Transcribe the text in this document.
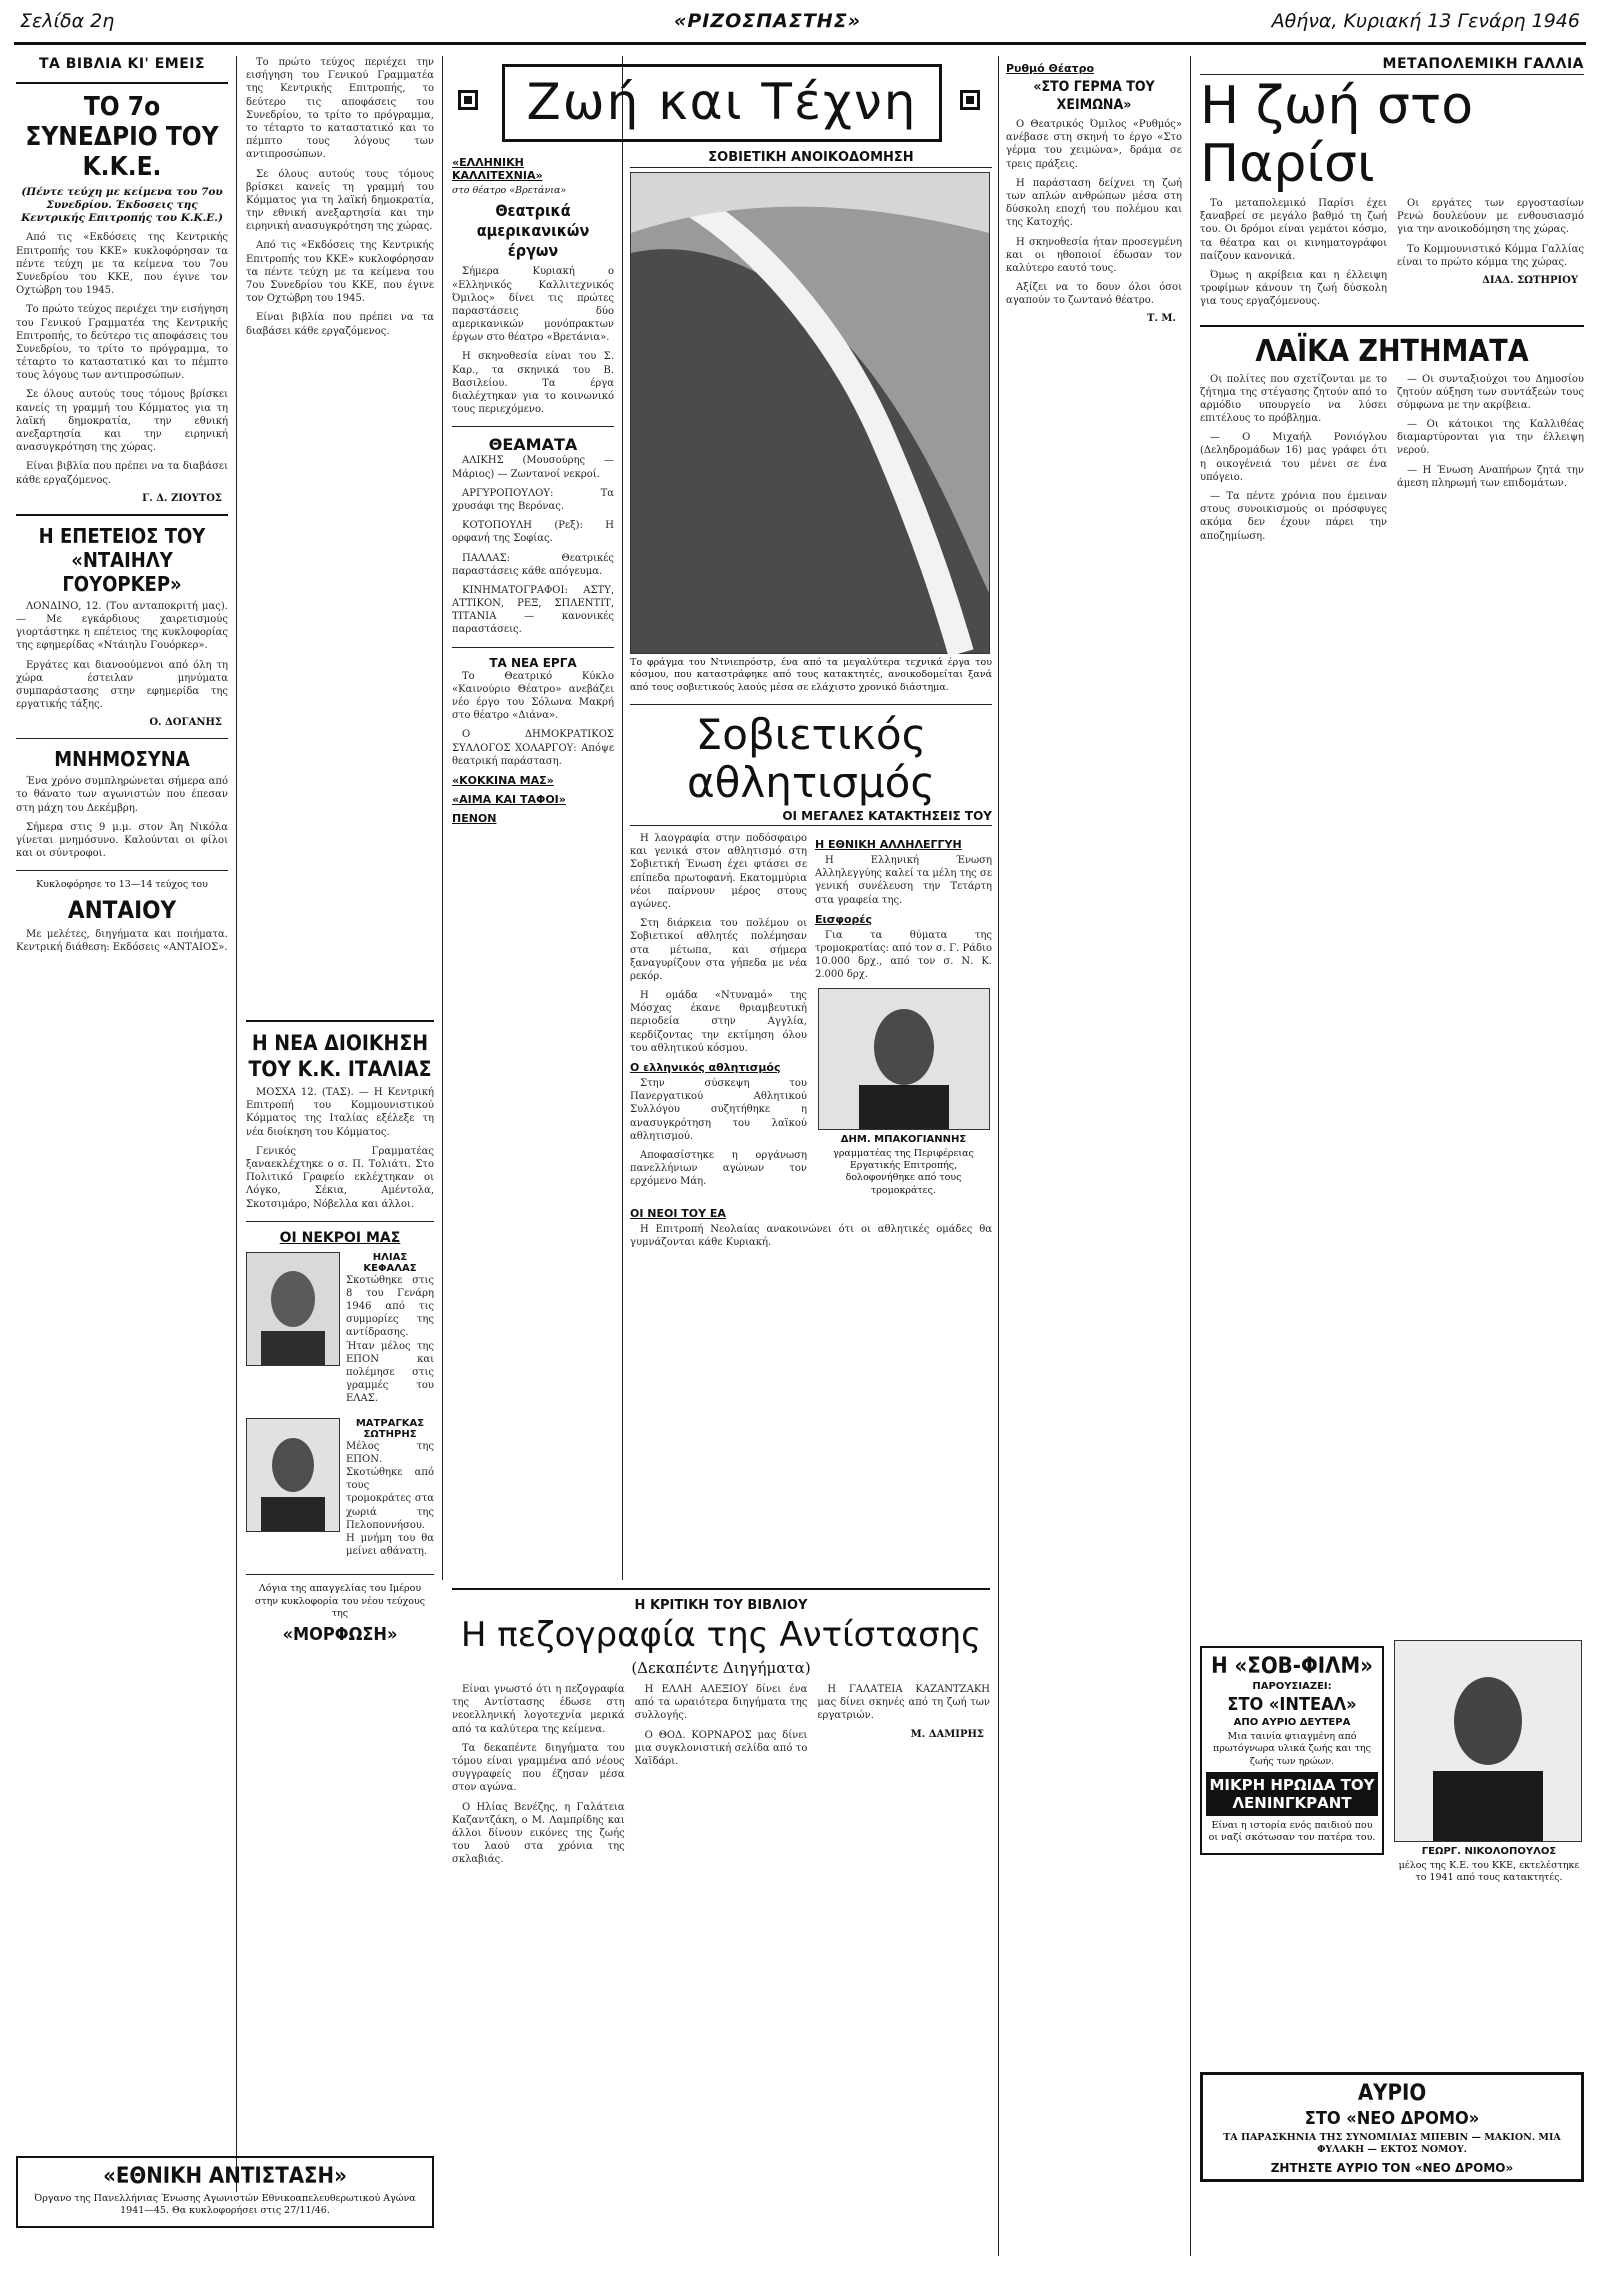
Σελίδα 2η	«ΡΙΖΟΣΠΑΣΤΗΣ»	Αθήνα, Κυριακή 13 Γενάρη 1946
ΤΑ ΒΙΒΛΙΑ ΚΙ' ΕΜΕΙΣ
ΤΟ 7ο ΣΥΝΕΔΡΙΟ ΤΟΥ Κ.Κ.Ε.
(Πέντε τεύχη με κείμενα του 7ου Συνεδρίου. Έκδοσεις της Κεντρικής Επιτροπής του Κ.Κ.Ε.)

Από τις «Εκδόσεις της Κεντρικής Επιτροπής του ΚΚΕ» κυκλοφόρησαν τα πέντε τεύχη με τα κείμενα του 7ου Συνεδρίου του ΚΚΕ, που έγινε τον Οχτώβρη του 1945.

Το πρώτο τεύχος περιέχει την εισήγηση του Γενικού Γραμματέα της Κεντρικής Επιτροπής, το δεύτερο τις αποφάσεις του Συνεδρίου, το τρίτο το πρόγραμμα, το τέταρτο το καταστατικό και το πέμπτο τους λόγους των αντιπροσώπων.

Σε όλους αυτούς τους τόμους βρίσκει κανείς τη γραμμή του Κόμματος για τη λαϊκή δημοκρατία, την εθνική ανεξαρτησία και την ειρηνική ανασυγκρότηση της χώρας.

Είναι βιβλία που πρέπει να τα διαβάσει κάθε εργαζόμενος.

Γ. Δ. ΖΙΟΥΤΟΣ
Η ΕΠΕΤΕΙΟΣ ΤΟΥ «ΝΤΑΙΗΛΥ ΓΟΥΟΡΚΕΡ»

ΛΟΝΔΙΝΟ, 12. (Του ανταποκριτή μας). — Με εγκάρδιους χαιρετισμούς γιορτάστηκε η επέτειος της κυκλοφορίας της εφημερίδας «Ντάιηλυ Γουόρκερ».

Εργάτες και διανοούμενοι από όλη τη χώρα έστειλαν μηνύματα συμπαράστασης στην εφημερίδα της εργατικής τάξης.

Ο. ΔΟΓΑΝΗΣ
ΜΝΗΜΟΣΥΝΑ

Ένα χρόνο συμπληρώνεται σήμερα από το θάνατο των αγωνιστών που έπεσαν στη μάχη του Δεκέμβρη.

Σήμερα στις 9 μ.μ. στον Άη Νικόλα γίνεται μνημόσυνο. Καλούνται οι φίλοι και οι σύντροφοι.

Κυκλοφόρησε το 13—14 τεύχος του
ΑΝΤΑΙΟΥ

Με μελέτες, διηγήματα και ποιήματα. Κεντρική διάθεση: Εκδόσεις «ΑΝΤΑΙΟΣ».

Το πρώτο τεύχος περιέχει την εισήγηση του Γενικού Γραμματέα της Κεντρικής Επιτροπής, το δεύτερο τις αποφάσεις του Συνεδρίου, το τρίτο το πρόγραμμα, το τέταρτο το καταστατικό και το πέμπτο τους λόγους των αντιπροσώπων.

Σε όλους αυτούς τους τόμους βρίσκει κανείς τη γραμμή του Κόμματος για τη λαϊκή δημοκρατία, την εθνική ανεξαρτησία και την ειρηνική ανασυγκρότηση της χώρας.

Από τις «Εκδόσεις της Κεντρικής Επιτροπής του ΚΚΕ» κυκλοφόρησαν τα πέντε τεύχη με τα κείμενα του 7ου Συνεδρίου του ΚΚΕ, που έγινε τον Οχτώβρη του 1945.

Είναι βιβλία που πρέπει να τα διαβάσει κάθε εργαζόμενος.

Η ΝΕΑ ΔΙΟΙΚΗΣΗ ΤΟΥ Κ.Κ. ΙΤΑΛΙΑΣ

ΜΟΣΧΑ 12. (ΤΑΣ). — Η Κεντρική Επιτροπή του Κομμουνιστικού Κόμματος της Ιταλίας εξέλεξε τη νέα διοίκηση του Κόμματος.

Γενικός Γραμματέας ξαναεκλέχτηκε ο σ. Π. Τολιάτι. Στο Πολιτικό Γραφείο εκλέχτηκαν οι Λόγκο, Σέκια, Αμέντολα, Σκοτσιμάρο, Νόβελλα και άλλοι.

ΟΙ ΝΕΚΡΟΙ ΜΑΣ
ΗΛΙΑΣ ΚΕΦΑΛΑΣ

Σκοτώθηκε στις 8 του Γενάρη 1946 από τις συμμορίες της αντίδρασης. Ήταν μέλος της ΕΠΟΝ και πολέμησε στις γραμμές του ΕΛΑΣ.

ΜΑΤΡΑΓΚΑΣ ΣΩΤΗΡΗΣ

Μέλος της ΕΠΟΝ. Σκοτώθηκε από τους τρομοκράτες στα χωριά της Πελοποννήσου. Η μνήμη του θα μείνει αθάνατη.

Λόγια της απαγγελίας του Ιμέρου στην κυκλοφορία του νέου τεύχους της
«ΜΟΡΦΩΣΗ»
«ΕΘΝΙΚΗ ΑΝΤΙΣΤΑΣΗ»
Όργανο της Πανελλήνιας Ένωσης Αγωνιστών Εθνικοαπελευθερωτικού Αγώνα 1941—45. Θα κυκλοφορήσει στις 27/11/46.
Ζωή και Τέχνη
«ΕΛΛΗΝΙΚΗ ΚΑΛΛΙΤΕΧΝΙΑ»
στο θέατρο «Βρετάνια»
Θεατρικά αμερικανικών έργων

Σήμερα Κυριακή ο «Ελληνικός Καλλιτεχνικός Όμιλος» δίνει τις πρώτες παραστάσεις δύο αμερικανικών μονόπρακτων έργων στο θέατρο «Βρετάνια».

Η σκηνοθεσία είναι του Σ. Καρ., τα σκηνικά του Β. Βασιλείου. Τα έργα διαλέχτηκαν για το κοινωνικό τους περιεχόμενο.

ΘΕΑΜΑΤΑ

ΑΛΙΚΗΣ (Μουσούρης — Μάριος) — Ζωντανοί νεκροί.

ΑΡΓΥΡΟΠΟΥΛΟΥ: Τα χρυσάφι της Βερόνας.

ΚΟΤΟΠΟΥΛΗ (Ρεξ): Η ορφανή της Σοφίας.

ΠΑΛΛΑΣ: Θεατρικές παραστάσεις κάθε απόγευμα.

ΚΙΝΗΜΑΤΟΓΡΑΦΟΙ: ΑΣΤΥ, ΑΤΤΙΚΟΝ, ΡΕΞ, ΣΠΛΕΝΤΙΤ, ΤΙΤΑΝΙΑ — κανονικές παραστάσεις.

ΤΑ ΝΕΑ ΕΡΓΑ

Το Θεατρικό Κύκλο «Καινούριο Θέατρο» ανεβάζει νέο έργο του Σόλωνα Μακρή στο θέατρο «Διάνα».

Ο ΔΗΜΟΚΡΑΤΙΚΟΣ ΣΥΛΛΟΓΟΣ ΧΟΛΑΡΓΟΥ: Απόψε θεατρική παράσταση.

«ΚΟΚΚΙΝΑ ΜΑΣ»
«ΑΙΜΑ ΚΑΙ ΤΑΦΟΙ»
ΠΕΝΟΝ
ΣΟΒΙΕΤΙΚΗ ΑΝΟΙΚΟΔΟΜΗΣΗ
Το φράγμα του Ντνιεπρόστρ, ένα από τα μεγαλύτερα τεχνικά έργα του κόσμου, που καταστράφηκε από τους κατακτητές, ανοικοδομείται ξανά από τους σοβιετικούς λαούς μέσα σε ελάχιστο χρονικό διάστημα.
Σοβιετικός
αθλητισμός
ΟΙ ΜΕΓΑΛΕΣ ΚΑΤΑΚΤΗΣΕΙΣ ΤΟΥ

Η λαογραφία στην ποδόσφαιρο και γενικά στον αθλητισμό στη Σοβιετική Ένωση έχει φτάσει σε επίπεδα πρωτοφανή. Εκατομμύρια νέοι παίρνουν μέρος στους αγώνες.

Στη διάρκεια του πολέμου οι Σοβιετικοί αθλητές πολέμησαν στα μέτωπα, και σήμερα ξαναγυρίζουν στα γήπεδα με νέα ρεκόρ.

Η ομάδα «Ντυναμό» της Μόσχας έκανε θριαμβευτική περιοδεία στην Αγγλία, κερδίζοντας την εκτίμηση όλου του αθλητικού κόσμου.

Ο ελληνικός αθλητισμός

Στην σύσκεψη του Πανεργατικού Αθλητικού Συλλόγου συζητήθηκε η ανασυγκρότηση του λαϊκού αθλητισμού.

Αποφασίστηκε η οργάνωση πανελλήνιων αγώνων τον ερχόμενο Μάη.

Η ΕΘΝΙΚΗ ΑΛΛΗΛΕΓΓΥΗ

Η Ελληνική Ένωση Αλληλεγγύης καλεί τα μέλη της σε γενική συνέλευση την Τετάρτη στα γραφεία της.

Εισφορές

Για τα θύματα της τρομοκρατίας: από τον σ. Γ. Ράδιο 10.000 δρχ., από τον σ. Ν. Κ. 2.000 δρχ.

ΔΗΜ. ΜΠΑΚΟΓΙΑΝΝΗΣ
γραμματέας της Περιφέρειας Εργατικής Επιτροπής, δολοφονήθηκε από τους τρομοκράτες.
ΟΙ ΝΕΟΙ ΤΟΥ ΕΑ

Η Επιτροπή Νεολαίας ανακοινώνει ότι οι αθλητικές ομάδες θα γυμνάζονται κάθε Κυριακή.

Η ΚΡΙΤΙΚΗ ΤΟΥ ΒΙΒΛΙΟΥ
Η πεζογραφία της Αντίστασης
(Δεκαπέντε Διηγήματα)

Είναι γνωστό ότι η πεζογραφία της Αντίστασης έδωσε στη νεοελληνική λογοτεχνία μερικά από τα καλύτερα της κείμενα.

Τα δεκαπέντε διηγήματα του τόμου είναι γραμμένα από νέους συγγραφείς που έζησαν μέσα στον αγώνα.

Ο Ηλίας Βενέζης, η Γαλάτεια Καζαντζάκη, ο Μ. Λαμπρίδης και άλλοι δίνουν εικόνες της ζωής του λαού στα χρόνια της σκλαβιάς.

Η ΕΛΛΗ ΑΛΕΞΙΟΥ δίνει ένα από τα ωραιότερα διηγήματα της συλλογής.

Ο ΘΟΔ. ΚΟΡΝΑΡΟΣ μας δίνει μια συγκλονιστική σελίδα από το Χαϊδάρι.

Η ΓΑΛΑΤΕΙΑ ΚΑΖΑΝΤΖΑΚΗ μας δίνει σκηνές από τη ζωή των εργατριών.

Μ. ΔΑΜΙΡΗΣ
Ρυθμό Θέατρο
«ΣΤΟ ΓΕΡΜΑ ΤΟΥ ΧΕΙΜΩΝΑ»

Ο Θεατρικός Όμιλος «Ρυθμός» ανέβασε στη σκηνή το έργο «Στο γέρμα του χειμώνα», δράμα σε τρεις πράξεις.

Η παράσταση δείχνει τη ζωή των απλών ανθρώπων μέσα στη δύσκολη εποχή του πολέμου και της Κατοχής.

Η σκηνοθεσία ήταν προσεγμένη και οι ηθοποιοί έδωσαν τον καλύτερο εαυτό τους.

Αξίζει να το δουν όλοι όσοι αγαπούν το ζωντανό θέατρο.

Τ. Μ.
ΜΕΤΑΠΟΛΕΜΙΚΗ ΓΑΛΛΙΑ
Η ζωή στο Παρίσι

Το μεταπολεμικό Παρίσι έχει ξαναβρεί σε μεγάλο βαθμό τη ζωή του. Οι δρόμοι είναι γεμάτοι κόσμο, τα θέατρα και οι κινηματογράφοι παίζουν κανονικά.

Όμως η ακρίβεια και η έλλειψη τροφίμων κάνουν τη ζωή δύσκολη για τους εργαζόμενους.

Οι εργάτες των εργοστασίων Ρενώ δουλεύουν με ενθουσιασμό για την ανοικοδόμηση της χώρας.

Το Κομμουνιστικό Κόμμα Γαλλίας είναι το πρώτο κόμμα της χώρας.

ΔΙΑΔ. ΣΩΤΗΡΙΟΥ
ΛΑΪΚΑ ΖΗΤΗΜΑΤΑ

Οι πολίτες που σχετίζονται με το ζήτημα της στέγασης ζητούν από το αρμόδιο υπουργείο να λύσει επιτέλους το πρόβλημα.

— Ο Μιχαήλ Ρονιόγλου (Δεληδρομάδων 16) μας γράφει ότι η οικογένειά του μένει σε ένα υπόγειο.

— Τα πέντε χρόνια που έμειναν στους συνοικισμούς οι πρόσφυγες ακόμα δεν έχουν πάρει την αποζημίωση.

— Οι συνταξιούχοι του Δημοσίου ζητούν αύξηση των συντάξεών τους σύμφωνα με την ακρίβεια.

— Οι κάτοικοι της Καλλιθέας διαμαρτύρονται για την έλλειψη νερού.

— Η Ένωση Αναπήρων ζητά την άμεση πληρωμή των επιδομάτων.

Η «ΣΟΒ-ΦΙΛΜ»
ΠΑΡΟΥΣΙΑΖΕΙ:
ΣΤΟ «ΙΝΤΕΑΛ»
ΑΠΟ ΑΥΡΙΟ ΔΕΥΤΕΡΑ
Μια ταινία φτιαγμένη από πρωτόγνωρα υλικά ζωής και της ζωής των ηρώων.
ΜΙΚΡΗ ΗΡΩΙΔΑ ΤΟΥ ΛΕΝΙΝΓΚΡΑΝΤ
Είναι η ιστορία ενός παιδιού που οι ναζί σκότωσαν τον πατέρα του.
ΓΕΩΡΓ. ΝΙΚΟΛΟΠΟΥΛΟΣ
μέλος της Κ.Ε. του ΚΚΕ, εκτελέστηκε το 1941 από τους κατακτητές.
ΑΥΡΙΟ
ΣΤΟ «ΝΕΟ ΔΡΟΜΟ»
ΤΑ ΠΑΡΑΣΚΗΝΙΑ ΤΗΣ ΣΥΝΟΜΙΛΙΑΣ ΜΠΕΒΙΝ — ΜΑΚΙΟΝ. ΜΙΑ ΦΥΛΑΚΗ — ΕΚΤΟΣ ΝΟΜΟΥ.
ΖΗΤΗΣΤΕ ΑΥΡΙΟ ΤΟΝ «ΝΕΟ ΔΡΟΜΟ»
